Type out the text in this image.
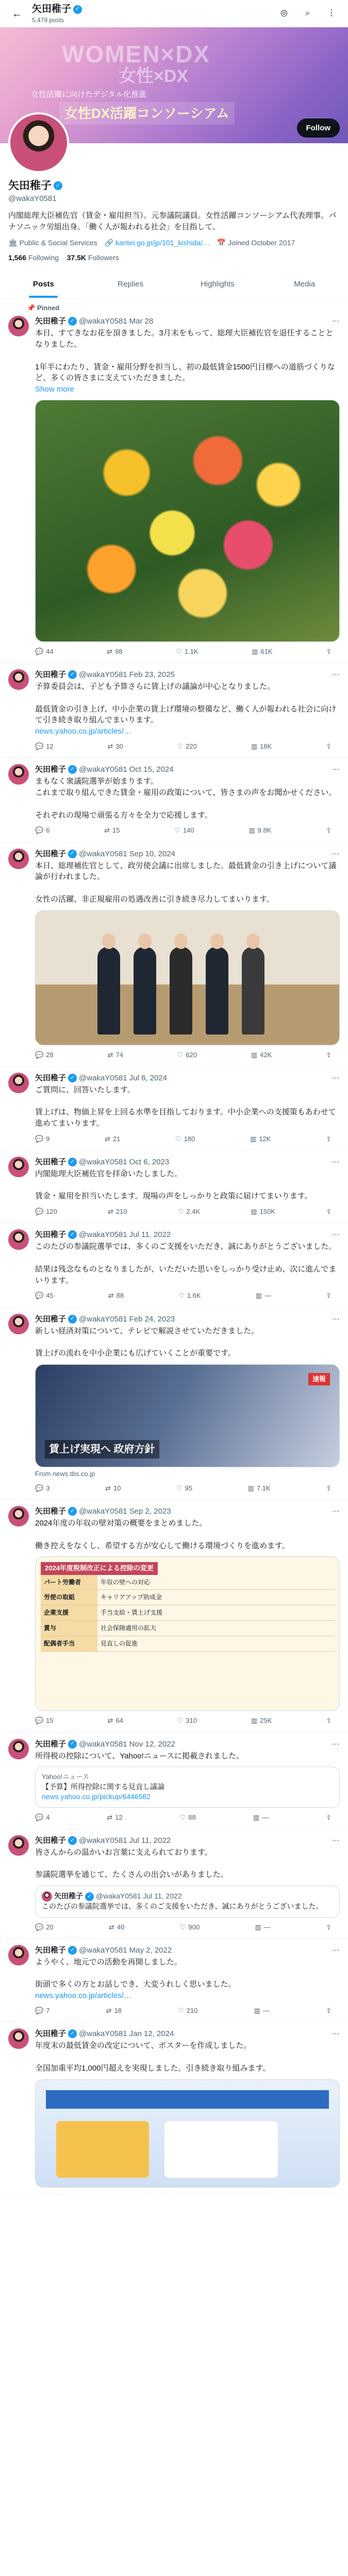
←	矢田稚子 ✓
5,479 posts
◎	⌕	⋮
WOMEN×DX
女性×DX
女性活躍に向けたデジタル化推進
女性DX活躍コンソーシアム
Follow
矢田稚子 ✓
@wakaY0581
内閣総理大臣補佐官（賃金・雇用担当）。元参議院議員。女性活躍コンソーシアム代表理事。パナソニック労組出身。「働く人が報われる社会」を目指して。
🏛 Public & Social Services 🔗 kantei.go.jp/jp/101_kishida/… 📅 Joined October 2017
1,566 Following 37.5K Followers
Posts	Replies	Highlights	Media
📌 Pinned
矢田稚子 ✓ @wakaY0581 Mar 28	⋯
本日、すてきなお花を頂きました。3月末をもって、総理大臣補佐官を退任することとなりました。

1年半にわたり、賃金・雇用分野を担当し、初の最低賃金1500円目標への道筋づくりなど、多くの皆さまに支えていただきました。
Show more
💬 44	⇄ 98	♡ 1.1K	▥ 61K	⇪
矢田稚子 ✓ @wakaY0581 Feb 23, 2025	⋯
予算委員会は、子ども予算さらに賃上げの議論が中心となりました。

最低賃金の引き上げ、中小企業の賃上げ環境の整備など、働く人が報われる社会に向けて引き続き取り組んでまいります。
news.yahoo.co.jp/articles/…
💬 12	⇄ 30	♡ 220	▥ 18K	⇪
矢田稚子 ✓ @wakaY0581 Oct 15, 2024	⋯
まもなく衆議院選挙が始まります。
これまで取り組んできた賃金・雇用の政策について、皆さまの声をお聞かせください。

それぞれの現場で頑張る方々を全力で応援します。
💬 6	⇄ 15	♡ 140	▥ 9.8K	⇪
矢田稚子 ✓ @wakaY0581 Sep 10, 2024	⋯
本日、総理補佐官として、政労使会議に出席しました。最低賃金の引き上げについて議論が行われました。

女性の活躍、非正規雇用の処遇改善に引き続き尽力してまいります。
💬 28	⇄ 74	♡ 620	▥ 42K	⇪
矢田稚子 ✓ @wakaY0581 Jul 6, 2024	⋯
ご質問に、回答いたします。

賃上げは、物価上昇を上回る水準を目指しております。中小企業への支援策もあわせて進めてまいります。
💬 9	⇄ 21	♡ 180	▥ 12K	⇪
矢田稚子 ✓ @wakaY0581 Oct 6, 2023	⋯
内閣総理大臣補佐官を拝命いたしました。

賃金・雇用を担当いたします。現場の声をしっかりと政策に届けてまいります。
💬 120	⇄ 210	♡ 2.4K	▥ 150K	⇪
矢田稚子 ✓ @wakaY0581 Jul 11, 2022	⋯
このたびの参議院選挙では、多くのご支援をいただき、誠にありがとうございました。

結果は残念なものとなりましたが、いただいた思いをしっかり受け止め、次に進んでまいります。
💬 45	⇄ 88	♡ 1.6K	▥ —	⇪
矢田稚子 ✓ @wakaY0581 Feb 24, 2023	⋯
新しい経済対策について、テレビで解説させていただきました。

賃上げの流れを中小企業にも広げていくことが重要です。
速報
賃上げ実現へ 政府方針
From news.tbs.co.jp
💬 3	⇄ 10	♡ 95	▥ 7.1K	⇪
矢田稚子 ✓ @wakaY0581 Sep 2, 2023	⋯
2024年度の年収の壁対策の概要をまとめました。

働き控えをなくし、希望する方が安心して働ける環境づくりを進めます。
2024年度税制改正による控除の変更
パート労働者	年収の壁への対応
労使の取組	キャリアアップ助成金
企業支援	手当支給・賃上げ支援
賞与	社会保険適用の拡大
配偶者手当	見直しの促進
💬 15	⇄ 64	♡ 310	▥ 25K	⇪
矢田稚子 ✓ @wakaY0581 Nov 12, 2022	⋯
所得税の控除について、Yahoo!ニュースに掲載されました。
Yahoo!ニュース
【予算】所得控除に関する見直し議論
news.yahoo.co.jp/pickup/6446582
💬 4	⇄ 12	♡ 88	▥ —	⇪
矢田稚子 ✓ @wakaY0581 Jul 11, 2022	⋯
皆さんからの温かいお言葉に支えられております。

参議院選挙を通じて、たくさんの出会いがありました。
矢田稚子 ✓ @wakaY0581 Jul 11, 2022
このたびの参議院選挙では、多くのご支援をいただき、誠にありがとうございました。
💬 20	⇄ 40	♡ 900	▥ —	⇪
矢田稚子 ✓ @wakaY0581 May 2, 2022	⋯
ようやく、地元での活動を再開しました。

街頭で多くの方とお話しでき、大変うれしく思いました。
news.yahoo.co.jp/articles/…
💬 7	⇄ 18	♡ 210	▥ —	⇪
矢田稚子 ✓ @wakaY0581 Jan 12, 2024	⋯
年度末の最低賃金の改定について、ポスターを作成しました。

全国加重平均1,000円超えを実現しました。引き続き取り組みます。
